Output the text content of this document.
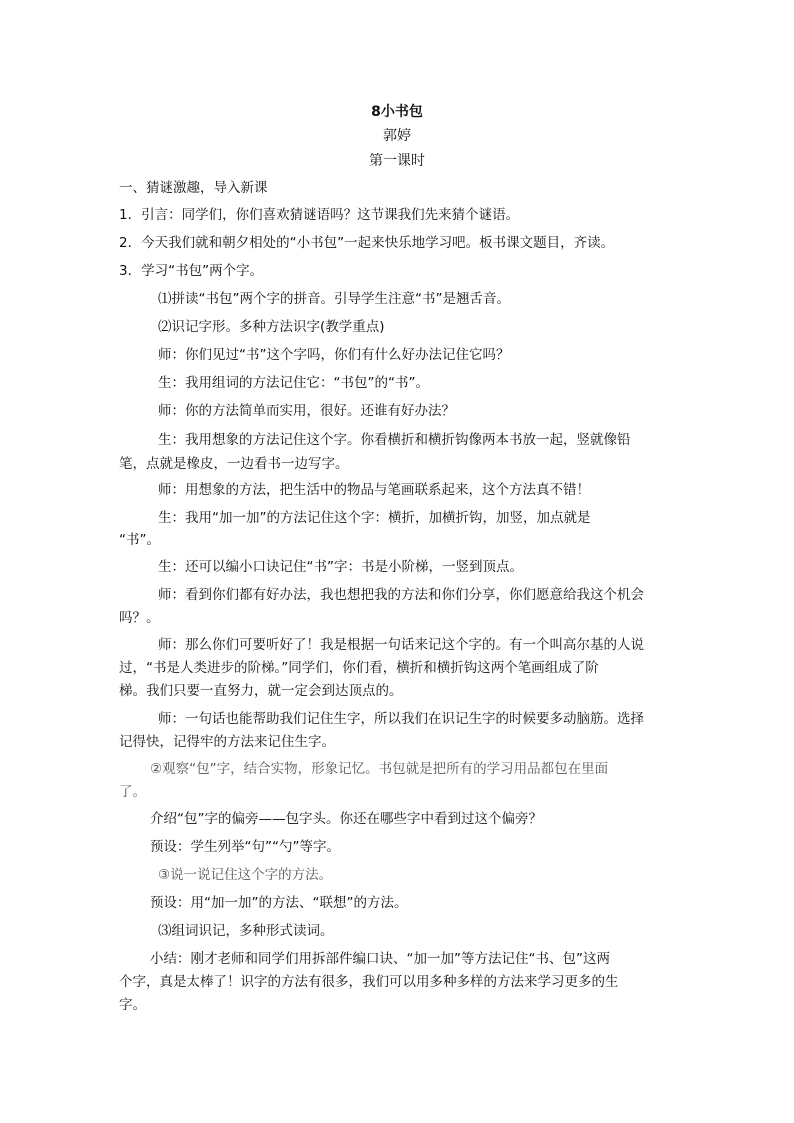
8小书包
郭婷
第一课时
一、猜谜激趣，导入新课
1．引言：同学们，你们喜欢猜谜语吗？这节课我们先来猜个谜语。
2．今天我们就和朝夕相处的“小书包”一起来快乐地学习吧。板书课文题目，齐读。
3．学习“书包”两个字。
⑴拼读“书包”两个字的拼音。引导学生注意“书”是翘舌音。
⑵识记字形。多种方法识字(教学重点)
师：你们见过“书”这个字吗，你们有什么好办法记住它吗？
生：我用组词的方法记住它：“书包”的“书”。
师：你的方法简单而实用，很好。还谁有好办法？
生：我用想象的方法记住这个字。你看横折和横折钩像两本书放一起，竖就像铅
笔，点就是橡皮，一边看书一边写字。
师：用想象的方法，把生活中的物品与笔画联系起来，这个方法真不错！
生：我用“加一加”的方法记住这个字：横折，加横折钩，加竖，加点就是
“书”。
生：还可以编小口诀记住“书”字：书是小阶梯，一竖到顶点。
师：看到你们都有好办法，我也想把我的方法和你们分享，你们愿意给我这个机会
吗？。
师：那么你们可要听好了！我是根据一句话来记这个字的。有一个叫高尔基的人说
过，“书是人类进步的阶梯。”同学们，你们看，横折和横折钩这两个笔画组成了阶
梯。我们只要一直努力，就一定会到达顶点的。
师：一句话也能帮助我们记住生字，所以我们在识记生字的时候要多动脑筋。选择
记得快，记得牢的方法来记住生字。
②观察“包”字，结合实物，形象记忆。书包就是把所有的学习用品都包在里面
了。
介绍“包”字的偏旁——包字头。你还在哪些字中看到过这个偏旁？
预设：学生列举“句”“勺”等字。
③说一说记住这个字的方法。
预设：用“加一加”的方法、“联想”的方法。
⑶组词识记，多种形式读词。
小结：刚才老师和同学们用拆部件编口诀、“加一加”等方法记住“书、包”这两
个字，真是太棒了！识字的方法有很多，我们可以用多种多样的方法来学习更多的生
字。
